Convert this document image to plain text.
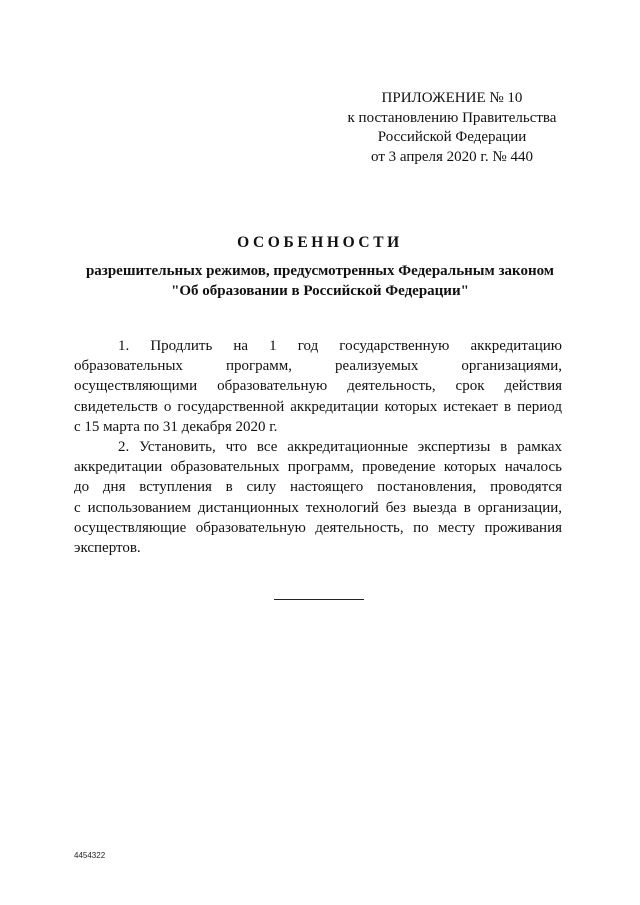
ПРИЛОЖЕНИЕ № 10
к постановлению Правительства
Российской Федерации
от 3 апреля 2020 г. № 440
ОСОБЕННОСТИ
разрешительных режимов, предусмотренных Федеральным законом
"Об образовании в Российской Федерации"

1. Продлить на 1 год государственную аккредитацию
образовательных программ, реализуемых организациями,
осуществляющими образовательную деятельность, срок действия
свидетельств о государственной аккредитации которых истекает в период
с 15 марта по 31 декабря 2020 г.

2. Установить, что все аккредитационные экспертизы в рамках
аккредитации образовательных программ, проведение которых началось
до дня вступления в силу настоящего постановления, проводятся
с использованием дистанционных технологий без выезда в организации,
осуществляющие образовательную деятельность, по месту проживания
экспертов.

4454322
